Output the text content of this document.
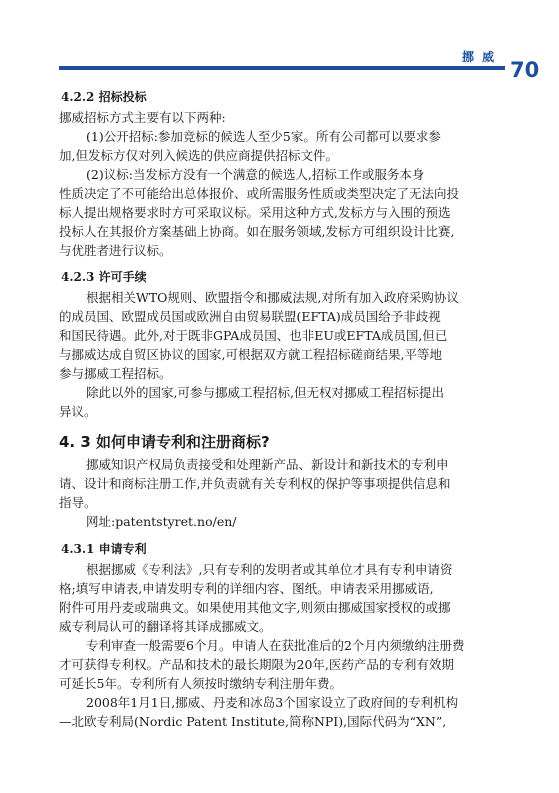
挪 威
70
4.2.2 招标投标
挪威招标方式主要有以下两种:
(1)公开招标:参加竞标的候选人至少5家。所有公司都可以要求参
加,但发标方仅对列入候选的供应商提供招标文件。
(2)议标:当发标方没有一个满意的候选人,招标工作或服务本身
性质决定了不可能给出总体报价、或所需服务性质或类型决定了无法向投
标人提出规格要求时方可采取议标。采用这种方式,发标方与入围的预选
投标人在其报价方案基础上协商。如在服务领域,发标方可组织设计比赛,
与优胜者进行议标。
4.2.3 许可手续
根据相关WTO规则、欧盟指令和挪威法规,对所有加入政府采购协议
的成员国、欧盟成员国或欧洲自由贸易联盟(EFTA)成员国给予非歧视
和国民待遇。此外,对于既非GPA成员国、也非EU或EFTA成员国,但已
与挪威达成自贸区协议的国家,可根据双方就工程招标磋商结果,平等地
参与挪威工程招标。
除此以外的国家,可参与挪威工程招标,但无权对挪威工程招标提出
异议。
4. 3 如何申请专利和注册商标?
挪威知识产权局负责接受和处理新产品、新设计和新技术的专利申
请、设计和商标注册工作,并负责就有关专利权的保护等事项提供信息和
指导。
网址:patentstyret.no/en/
4.3.1 申请专利
根据挪威《专利法》,只有专利的发明者或其单位才具有专利申请资
格;填写申请表,申请发明专利的详细内容、图纸。申请表采用挪威语,
附件可用丹麦或瑞典文。如果使用其他文字,则须由挪威国家授权的或挪
威专利局认可的翻译将其译成挪威文。
专利审查一般需要6个月。申请人在获批准后的2个月内须缴纳注册费
才可获得专利权。产品和技术的最长期限为20年,医药产品的专利有效期
可延长5年。专利所有人须按时缴纳专利注册年费。
2008年1月1日,挪威、丹麦和冰岛3个国家设立了政府间的专利机构
—北欧专利局(Nordic Patent Institute,简称NPI),国际代码为“XN”,
